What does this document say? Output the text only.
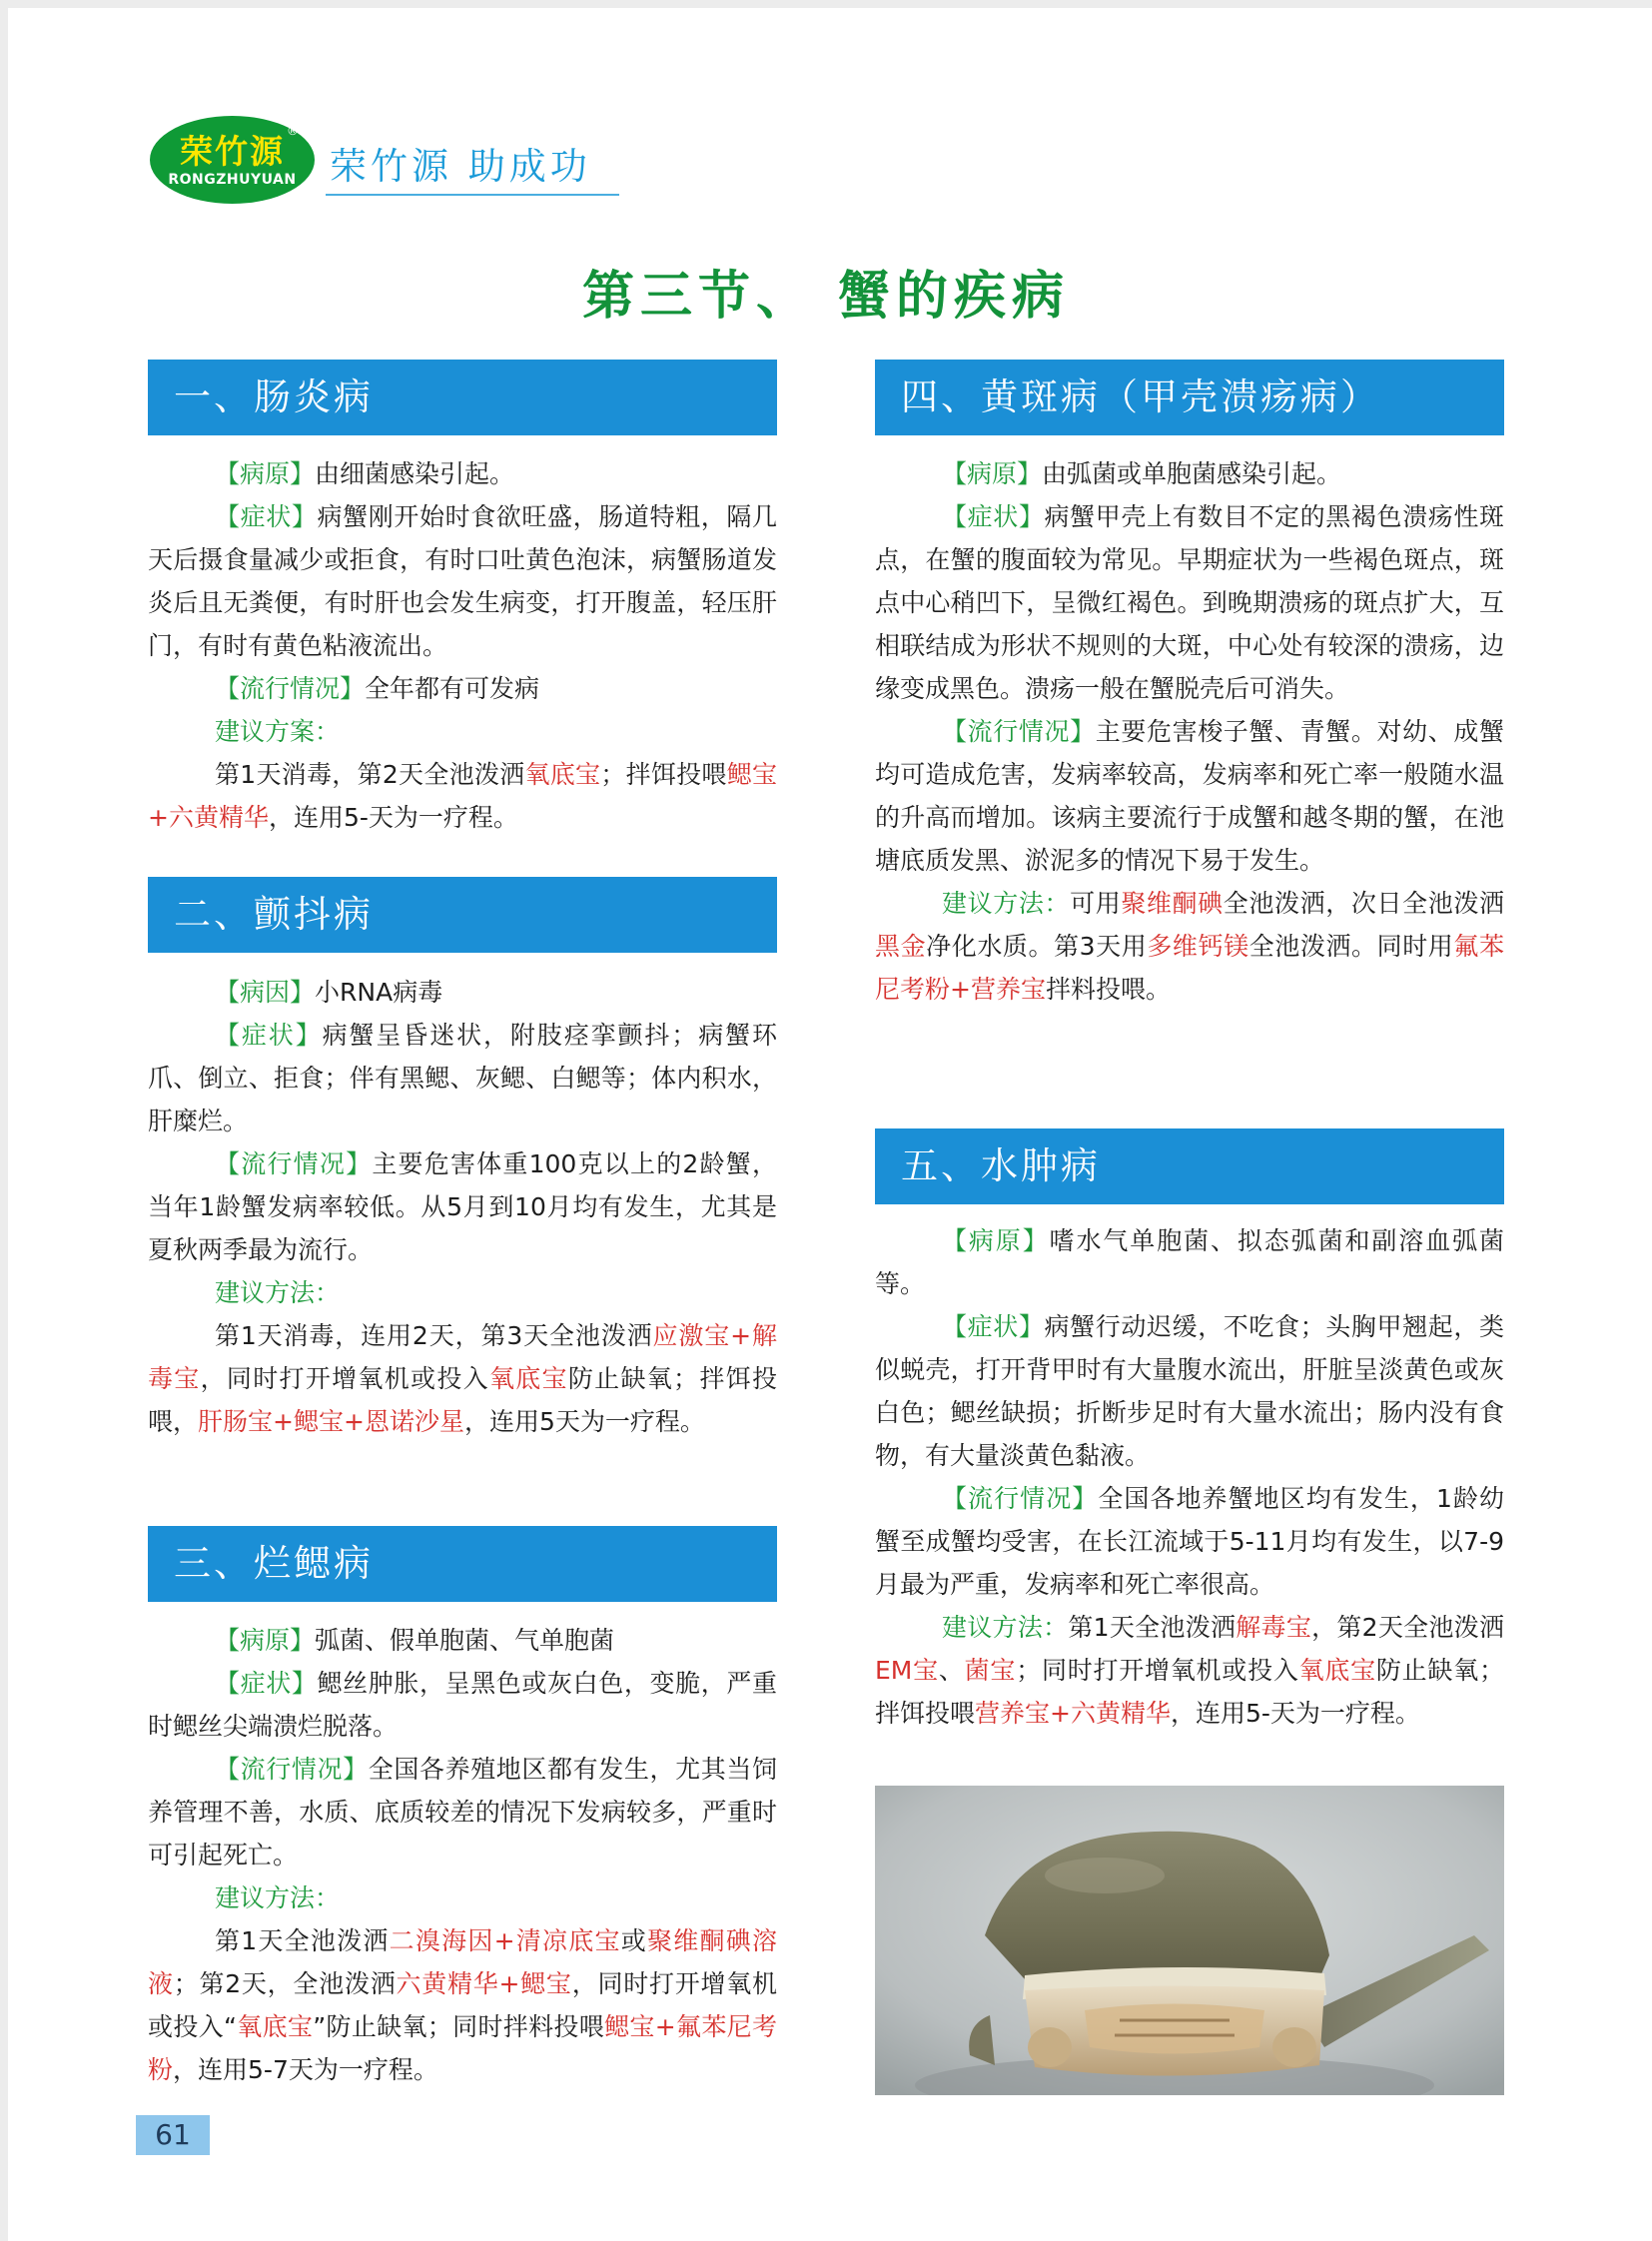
荣竹源
RONGZHUYUAN
®
荣竹源 助成功
第三节、 蟹的疾病
一、肠炎病

【病原】由细菌感染引起。

【症状】病蟹刚开始时食欲旺盛，肠道特粗，隔几天后摄食量减少或拒食，有时口吐黄色泡沫，病蟹肠道发炎后且无粪便，有时肝也会发生病变，打开腹盖，轻压肝门，有时有黄色粘液流出。

【流行情况】全年都有可发病

建议方案：

第1天消毒，第2天全池泼洒氧底宝；拌饵投喂鳃宝+六黄精华，连用5-天为一疗程。

二、颤抖病

【病因】小RNA病毒

【症状】病蟹呈昏迷状，附肢痉挛颤抖；病蟹环爪、倒立、拒食；伴有黑鳃、灰鳃、白鳃等；体内积水，肝糜烂。

【流行情况】主要危害体重100克以上的2龄蟹，当年1龄蟹发病率较低。从5月到10月均有发生，尤其是夏秋两季最为流行。

建议方法：

第1天消毒，连用2天，第3天全池泼洒应激宝+解毒宝，同时打开增氧机或投入氧底宝防止缺氧；拌饵投喂，肝肠宝+鳃宝+恩诺沙星，连用5天为一疗程。

三、烂鳃病

【病原】弧菌、假单胞菌、气单胞菌

【症状】鳃丝肿胀，呈黑色或灰白色，变脆，严重时鳃丝尖端溃烂脱落。

【流行情况】全国各养殖地区都有发生，尤其当饲养管理不善，水质、底质较差的情况下发病较多，严重时可引起死亡。

建议方法：

第1天全池泼洒二溴海因+清凉底宝或聚维酮碘溶液；第2天，全池泼洒六黄精华+鳃宝，同时打开增氧机或投入“氧底宝”防止缺氧；同时拌料投喂鳃宝+氟苯尼考粉，连用5-7天为一疗程。

四、黄斑病（甲壳溃疡病）

【病原】由弧菌或单胞菌感染引起。

【症状】病蟹甲壳上有数目不定的黑褐色溃疡性斑点，在蟹的腹面较为常见。早期症状为一些褐色斑点，斑点中心稍凹下，呈微红褐色。到晚期溃疡的斑点扩大，互相联结成为形状不规则的大斑，中心处有较深的溃疡，边缘变成黑色。溃疡一般在蟹脱壳后可消失。

【流行情况】主要危害梭子蟹、青蟹。对幼、成蟹均可造成危害，发病率较高，发病率和死亡率一般随水温的升高而增加。该病主要流行于成蟹和越冬期的蟹，在池塘底质发黑、淤泥多的情况下易于发生。

建议方法：可用聚维酮碘全池泼洒，次日全池泼洒黑金净化水质。第3天用多维钙镁全池泼洒。同时用氟苯尼考粉+营养宝拌料投喂。

五、水肿病

【病原】嗜水气单胞菌、拟态弧菌和副溶血弧菌等。

【症状】病蟹行动迟缓，不吃食；头胸甲翘起，类似蜕壳，打开背甲时有大量腹水流出，肝脏呈淡黄色或灰白色；鳃丝缺损；折断步足时有大量水流出；肠内没有食物，有大量淡黄色黏液。

【流行情况】全国各地养蟹地区均有发生，1龄幼蟹至成蟹均受害，在长江流域于5-11月均有发生，以7-9月最为严重，发病率和死亡率很高。

建议方法：第1天全池泼洒解毒宝，第2天全池泼洒EM宝、菌宝；同时打开增氧机或投入氧底宝防止缺氧；拌饵投喂营养宝+六黄精华，连用5-天为一疗程。

61
